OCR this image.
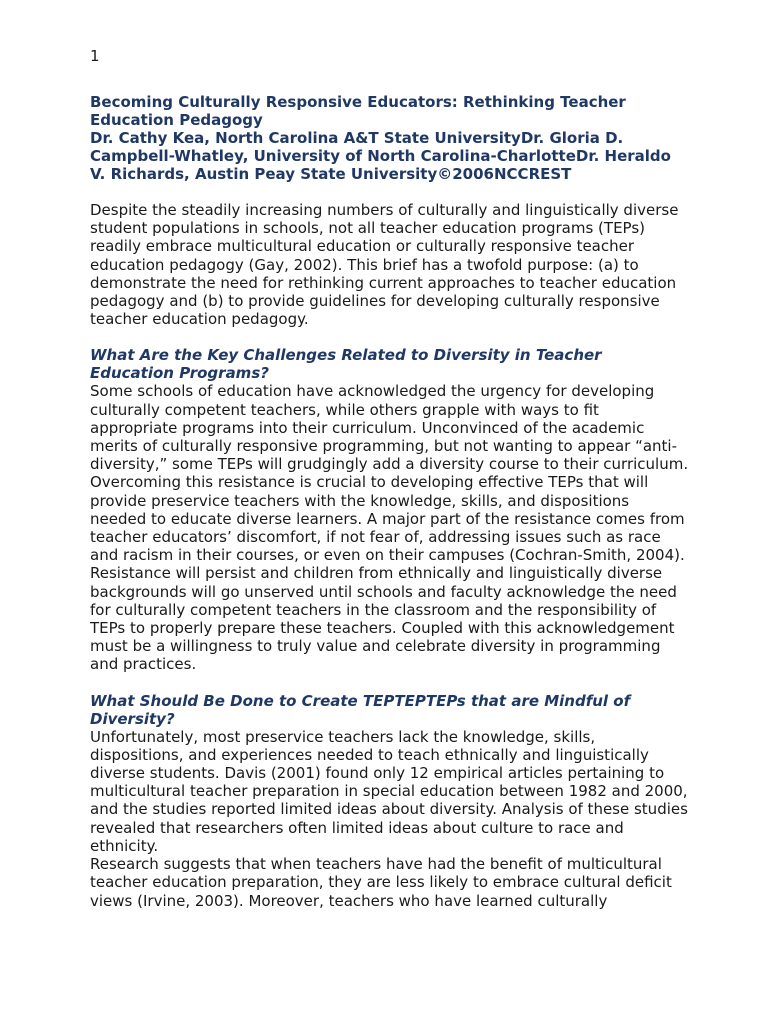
1
Becoming Culturally Responsive Educators: Rethinking Teacher Education Pedagogy

Dr. Cathy Kea, North Carolina A&T State UniversityDr. Gloria D. Campbell-Whatley, University of North Carolina-CharlotteDr. Heraldo V. Richards, Austin Peay State University©2006NCCREST

Despite the steadily increasing numbers of culturally and linguistically diverse student populations in schools, not all teacher education programs (TEPs) readily embrace multicultural education or culturally responsive teacher education pedagogy (Gay, 2002). This brief has a twofold purpose: (a) to demonstrate the need for rethinking current approaches to teacher education pedagogy and (b) to provide guidelines for developing culturally responsive teacher education pedagogy.

What Are the Key Challenges Related to Diversity in Teacher Education Programs?

Some schools of education have acknowledged the urgency for developing culturally competent teachers, while others grapple with ways to fit appropriate programs into their curriculum. Unconvinced of the academic merits of culturally responsive programming, but not wanting to appear “anti-diversity,” some TEPs will grudgingly add a diversity course to their curriculum. Overcoming this resistance is crucial to developing effective TEPs that will provide preservice teachers with the knowledge, skills, and dispositions needed to educate diverse learners. A major part of the resistance comes from teacher educators’ discomfort, if not fear of, addressing issues such as race and racism in their courses, or even on their campuses (Cochran-Smith, 2004). Resistance will persist and children from ethnically and linguistically diverse backgrounds will go unserved until schools and faculty acknowledge the need for culturally competent teachers in the classroom and the responsibility of TEPs to properly prepare these teachers. Coupled with this acknowledgement must be a willingness to truly value and celebrate diversity in programming and practices.

What Should Be Done to Create TEPTEPTEPs that are Mindful of Diversity?

Unfortunately, most preservice teachers lack the knowledge, skills, dispositions, and experiences needed to teach ethnically and linguistically diverse students. Davis (2001) found only 12 empirical articles pertaining to multicultural teacher preparation in special education between 1982 and 2000, and the studies reported limited ideas about diversity. Analysis of these studies revealed that researchers often limited ideas about culture to race and ethnicity.

Research suggests that when teachers have had the benefit of multicultural teacher education preparation, they are less likely to embrace cultural deficit views (Irvine, 2003). Moreover, teachers who have learned culturally
